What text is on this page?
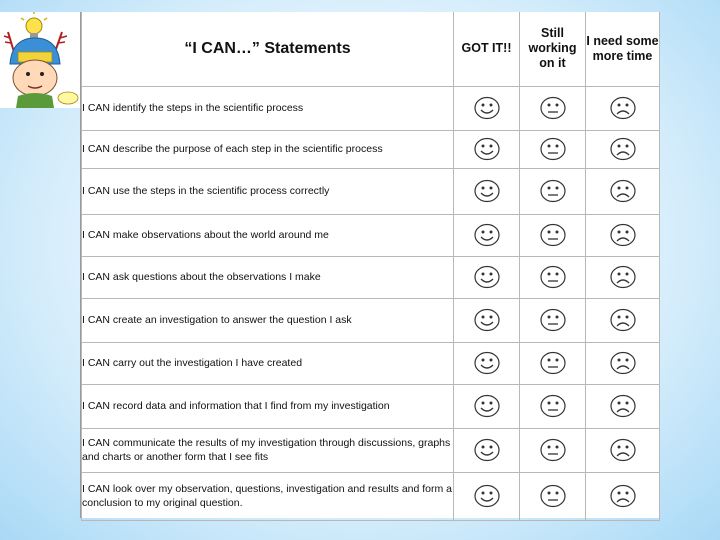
“I CAN…” Statements	GOT IT!!	Still working on it	I need some more time
I CAN identify the steps in the scientific process	

I CAN describe the purpose of each step in the scientific process	

I CAN use the steps in the scientific process correctly	

I CAN make observations about the world around me	

I CAN ask questions about the observations I make	

I CAN create an investigation to answer the question I ask	

I CAN carry out the investigation I have created	

I CAN record data and information that I find from my investigation	

I CAN communicate the results of my investigation through discussions, graphs and charts or another form that I see fits	

I CAN look over my observation, questions, investigation and results and form a conclusion to my original question.	
